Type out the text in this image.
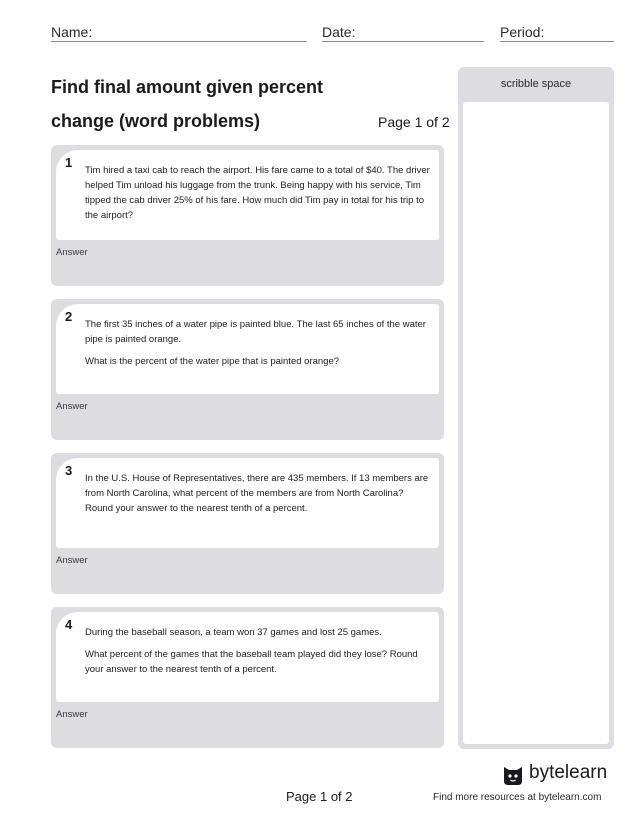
Name:	Date:	Period:
Find final amount given percent change (word problems)	Page 1 of 2
scribble space
1

Tim hired a taxi cab to reach the airport. His fare came to a total of $40. The driver helped Tim unload his luggage from the trunk. Being happy with his service, Tim tipped the cab driver 25% of his fare. How much did Tim pay in total for his trip to the airport?

Answer
2

The first 35 inches of a water pipe is painted blue. The last 65 inches of the water pipe is painted orange.

What is the percent of the water pipe that is painted orange?

Answer
3

In the U.S. House of Representatives, there are 435 members. If 13 members are from North Carolina, what percent of the members are from North Carolina? Round your answer to the nearest tenth of a percent.

Answer
4

During the baseball season, a team won 37 games and lost 25 games.

What percent of the games that the baseball team played did they lose? Round your answer to the nearest tenth of a percent.

Answer
Page 1 of 2
bytelearn
Find more resources at bytelearn.com
